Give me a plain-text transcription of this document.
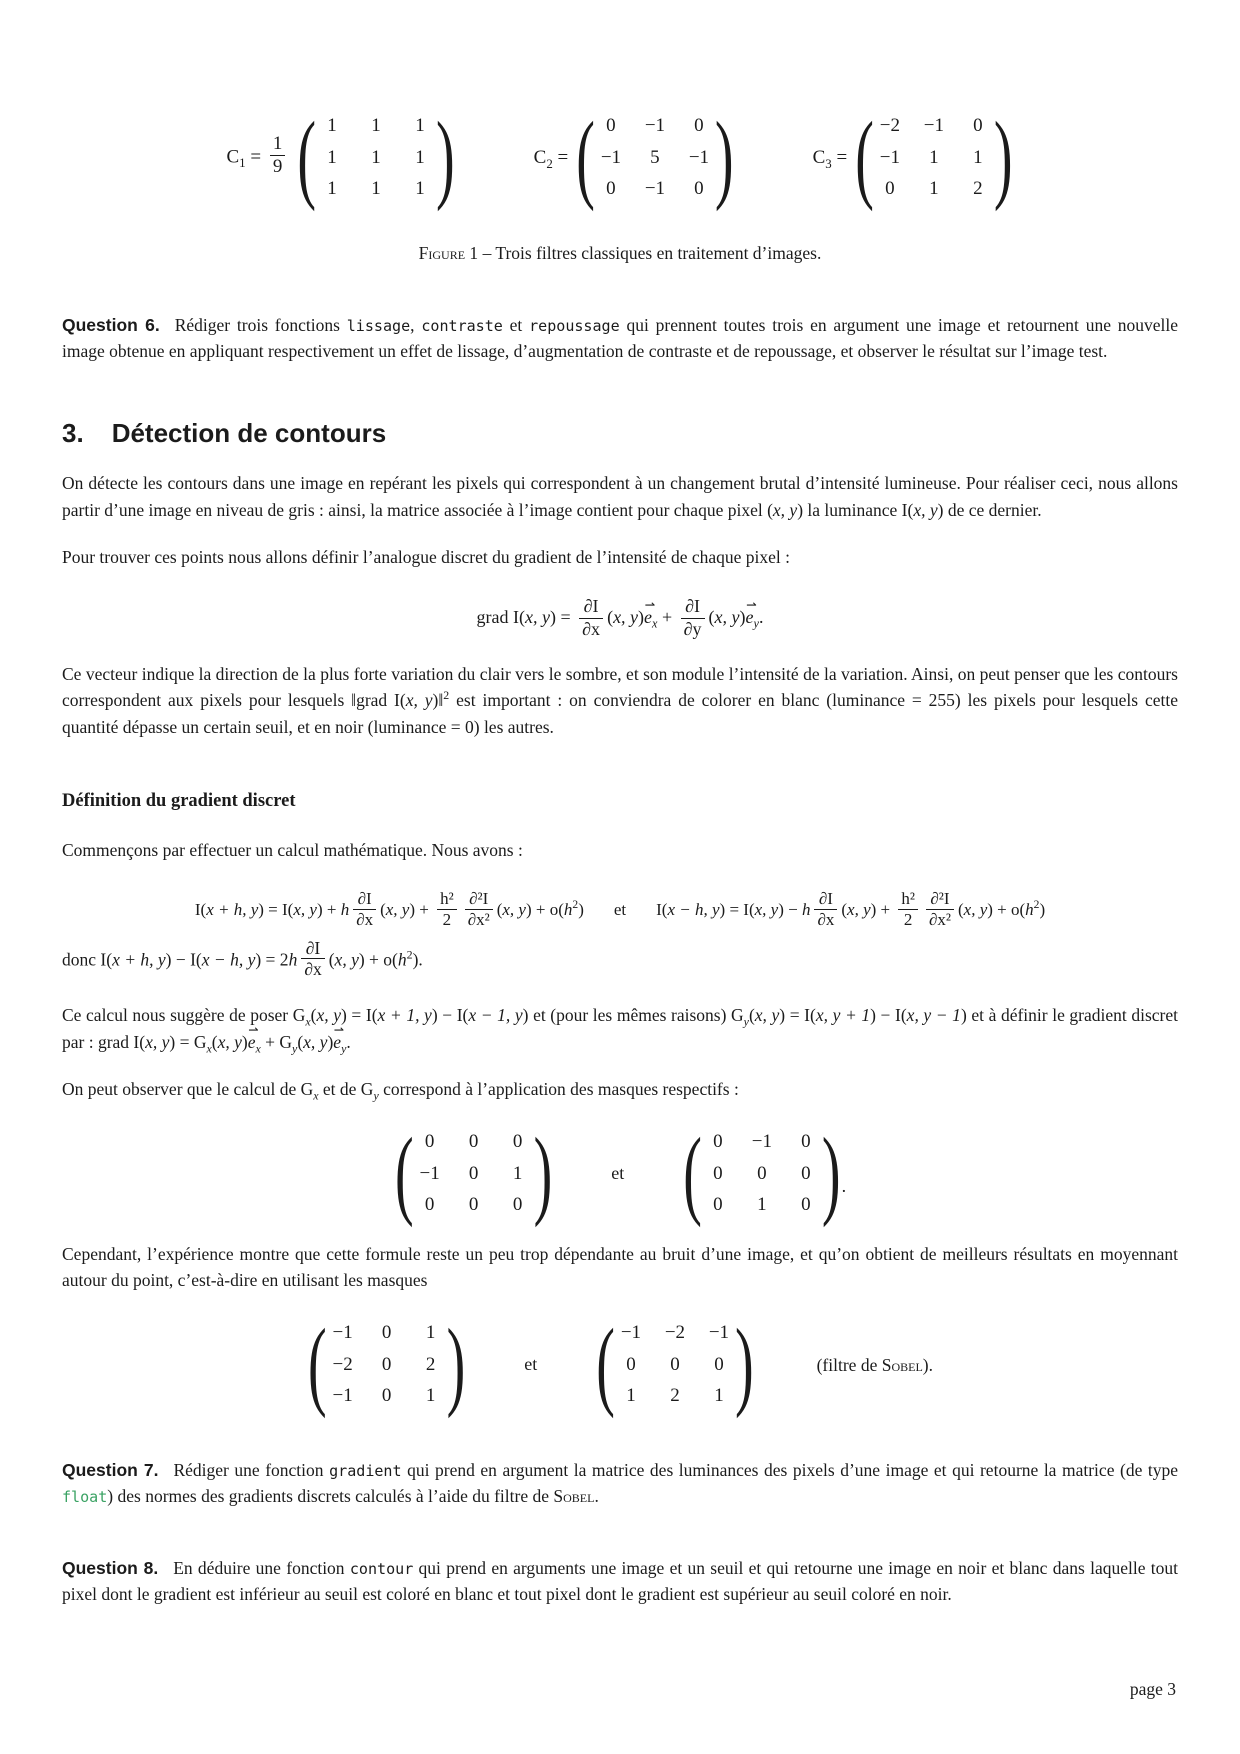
$C_1 = \frac{1}{9}$ ( 1	1	1
1	1	1
1	1	1 )	$C_2$ = ( 0	−1	0
−1	5	−1
0	−1	0 )	$C_3$ = ( −2 −1	0
−1	1	1
0	1	2 )
Figure 1 – Trois filtres classiques en traitement d’images.

Question 6. Rédiger trois fonctions lissage, contraste et repoussage qui prennent toutes trois en argument une image et retournent une nouvelle image obtenue en appliquant respectivement un effet de lissage, d’augmentation de contraste et de repoussage, et observer le résultat sur l’image test.

3. Détection de contours

On détecte les contours dans une image en repérant les pixels qui correspondent à un changement brutal d’intensité lumineuse. Pour réaliser ceci, nous allons partir d’une image en niveau de gris : ainsi, la matrice associée à l’image contient pour chaque pixel (x, y) la luminance I(x, y) de ce dernier.

Pour trouver ces points nous allons définir l’analogue discret du gradient de l’intensité de chaque pixel :

grad I(x, $y) = \frac{\partial I}{\partial x} (x$, y)
⇀
$e_x + \frac{\partial I}{\partial y} (x$, y)
⇀
$e_y$.

Ce vecteur indique la direction de la plus forte variation du clair vers le sombre, et son module l’intensité de la variation. Ainsi, on peut penser que les contours correspondent aux pixels pour lesquels ‖grad I(x, y)‖$^2$ est important : on conviendra de colorer en blanc (luminance = 255) les pixels pour lesquels cette quantité dépasse un certain seuil, et en noir (luminance = 0) les autres.

Définition du gradient discret

Commençons par effectuer un calcul mathématique. Nous avons :

I(x + h, y) = I(x, y) + h $\frac{\partial I}{\partial x} (x$, $y) + \frac{\text{h²}}{2} \frac{\text{∂²I}}{\text{∂x²}} (x$, $y) + o(h^2)$ et I(x − h, y) = I(x, y) − h $\frac{\partial I}{\partial x} (x$, $y) + \frac{\text{h²}}{2} \frac{\text{∂²I}}{\text{∂x²}} (x$, $y) + o(h^2)$

donc I(x + h, y) − I(x − h, $y) = 2h \frac{\partial I}{\partial x} (x$, $y) + o(h^2)$.

Ce calcul nous suggère de poser $G_x(x$, y) = I(x + 1, y) − I(x − 1, y) et (pour les mêmes raisons) $G_y(x$, y) = I(x, y + 1) − I(x, y − 1) et à définir le gradient discret par : grad I(x, $y) = G_x(x$, y)
⇀
$e_x + G_y(x$, y)
⇀
$e_y$.

On peut observer que le calcul de $G_x$ et de $G_y$ correspond à l’application des masques respectifs :

( 0	0	0
−1	0	1
0	0	0 )	et ( 0	−1	0
0	0	0
0	1	0 ) .

Cependant, l’expérience montre que cette formule reste un peu trop dépendante au bruit d’une image, et qu’on obtient de meilleurs résultats en moyennant autour du point, c’est-à-dire en utilisant les masques

( −1	0	1
−2	0	2
−1	0	1 )	et ( −1 −2 −1
0	0	0
1	2	1 )	(filtre de Sobel).

Question 7. Rédiger une fonction gradient qui prend en argument la matrice des luminances des pixels d’une image et qui retourne la matrice (de type float) des normes des gradients discrets calculés à l’aide du filtre de Sobel.

Question 8. En déduire une fonction contour qui prend en arguments une image et un seuil et qui retourne une image en noir et blanc dans laquelle tout pixel dont le gradient est inférieur au seuil est coloré en blanc et tout pixel dont le gradient est supérieur au seuil coloré en noir.

page 3
